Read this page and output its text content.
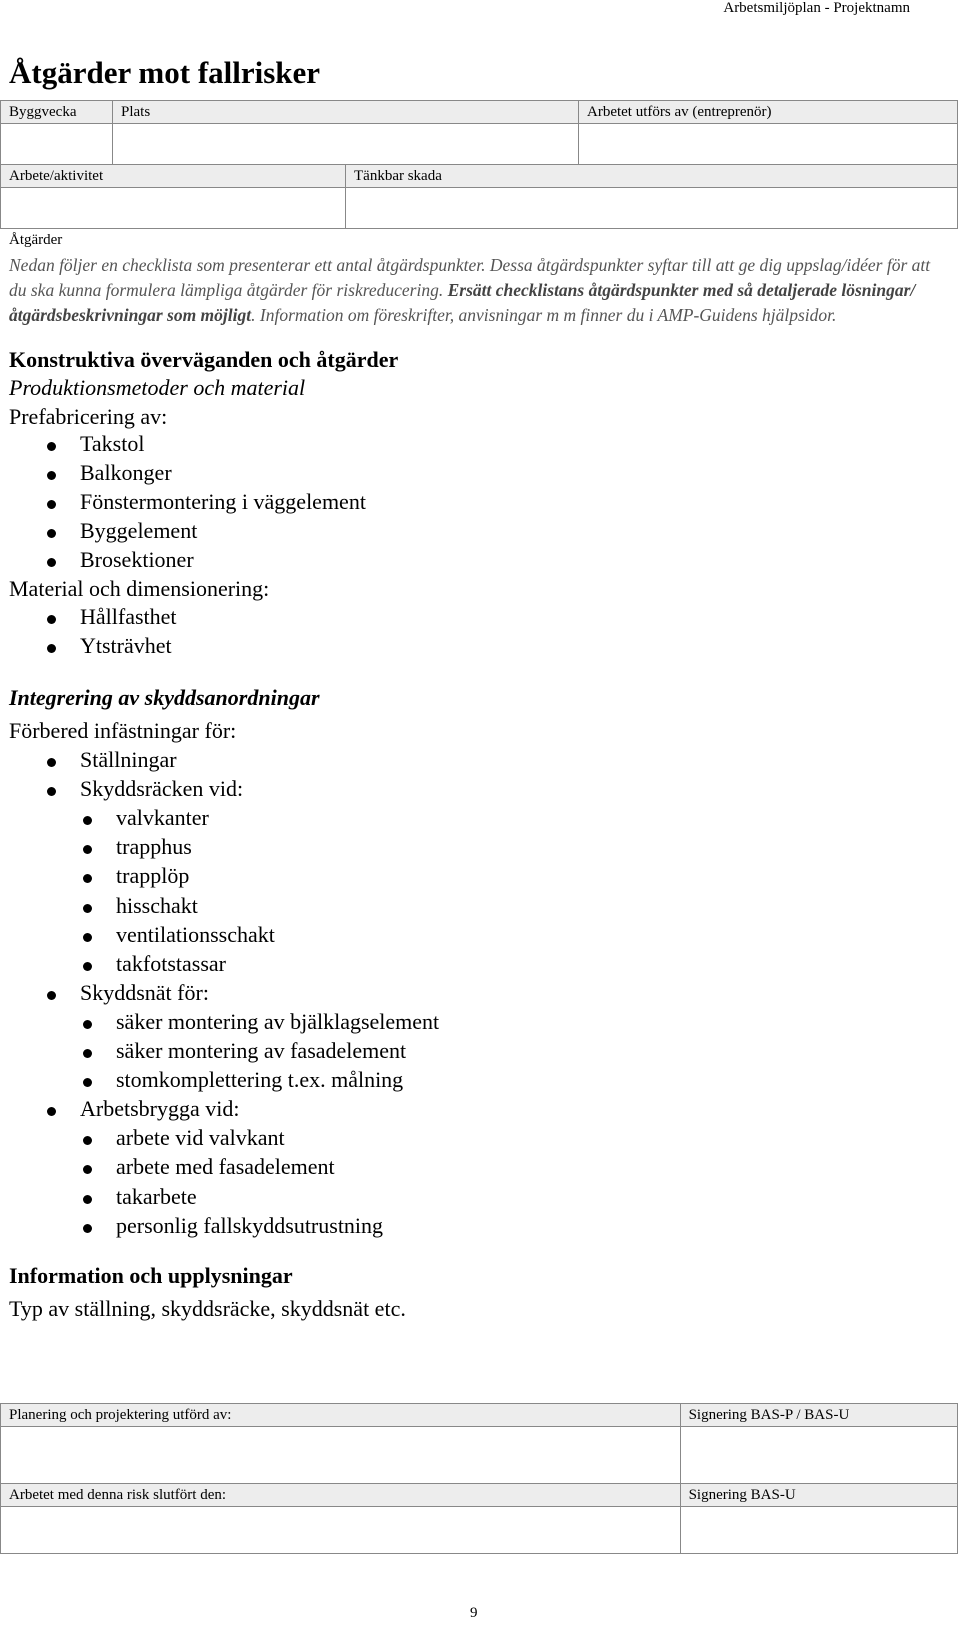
Arbetsmiljöplan - Projektnamn
Åtgärder mot fallrisker
Byggvecka	Plats		Arbetet utförs av (entreprenör)

Arbete/aktivitet		Tänkbar skada	

Åtgärder
Nedan följer en checklista som presenterar ett antal åtgärdspunkter. Dessa åtgärdspunkter syftar till att ge dig uppslag/idéer för att du ska kunna formulera lämpliga åtgärder för riskreducering. Ersätt checklistans åtgärdspunkter med så detaljerade lösningar/åtgärdsbeskrivningar som möjligt. Information om föreskrifter, anvisningar m m finner du i AMP-Guidens hjälpsidor.
Konstruktiva överväganden och åtgärder
Produktionsmetoder och material
Prefabricering av:
Takstol
Balkonger
Fönstermontering i väggelement
Byggelement
Brosektioner
Material och dimensionering:
Hållfasthet
Ytsträvhet
Integrering av skyddsanordningar
Förbered infästningar för:
Ställningar
Skyddsräcken vid:
valvkanter
trapphus
trapplöp
hisschakt
ventilationsschakt
takfotstassar
Skyddsnät för:
säker montering av bjälklagselement
säker montering av fasadelement
stomkomplettering t.ex. målning
Arbetsbrygga vid:
arbete vid valvkant
arbete med fasadelement
takarbete
personlig fallskyddsutrustning
Information och upplysningar
Typ av ställning, skyddsräcke, skyddsnät etc.
Planering och projektering utförd av:	Signering BAS-P / BAS-U

Arbetet med denna risk slutfört den:	Signering BAS-U

9
